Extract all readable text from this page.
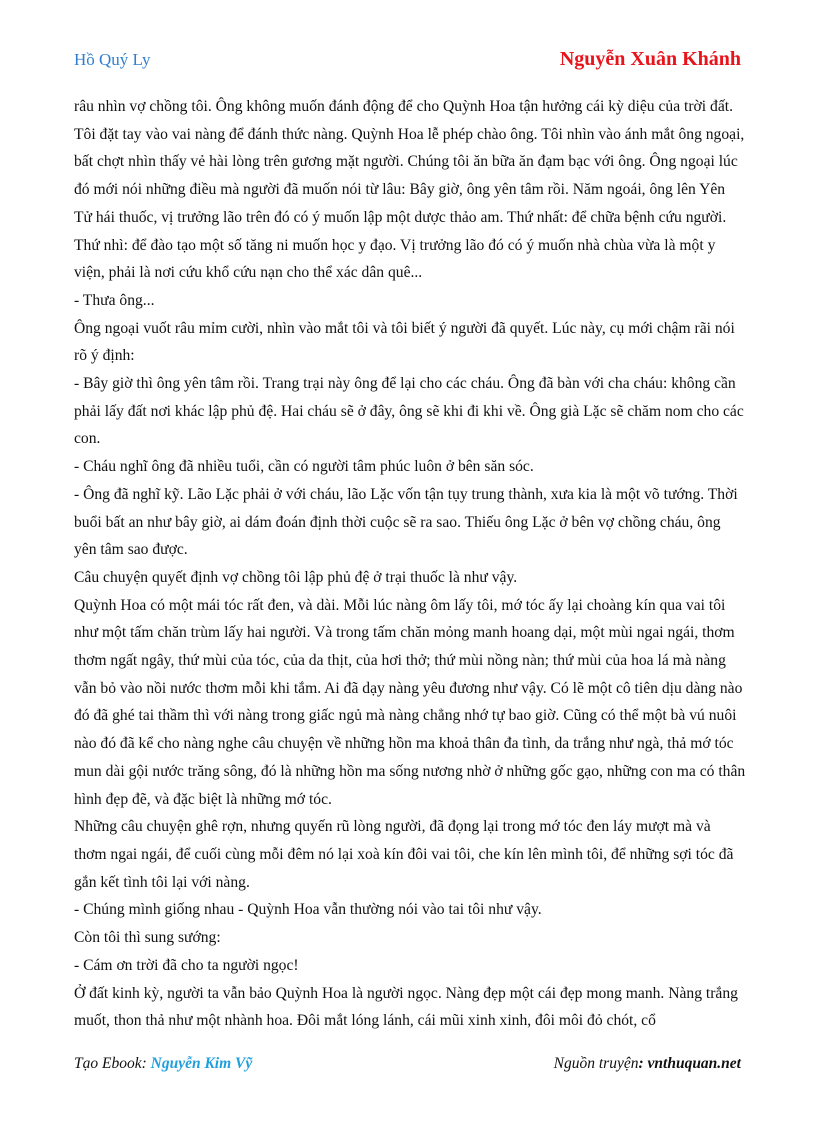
Hồ Quý Ly	Nguyễn Xuân Khánh

râu nhìn vợ chồng tôi. Ông không muốn đánh động để cho Quỳnh Hoa tận hưởng cái kỳ diệu của trời đất. Tôi đặt tay vào vai nàng để đánh thức nàng. Quỳnh Hoa lễ phép chào ông. Tôi nhìn vào ánh mắt ông ngoại, bất chợt nhìn thấy vẻ hài lòng trên gương mặt người. Chúng tôi ăn bữa ăn đạm bạc với ông. Ông ngoại lúc đó mới nói những điều mà người đã muốn nói từ lâu: Bây giờ, ông yên tâm rồi. Năm ngoái, ông lên Yên Tử hái thuốc, vị trưởng lão trên đó có ý muốn lập một dược thảo am. Thứ nhất: để chữa bệnh cứu người. Thứ nhì: để đào tạo một số tăng ni muốn học y đạo. Vị trưởng lão đó có ý muốn nhà chùa vừa là một y viện, phải là nơi cứu khổ cứu nạn cho thể xác dân quê...

- Thưa ông...

Ông ngoại vuốt râu mỉm cười, nhìn vào mắt tôi và tôi biết ý người đã quyết. Lúc này, cụ mới chậm rãi nói rõ ý định:

- Bây giờ thì ông yên tâm rồi. Trang trại này ông để lại cho các cháu. Ông đã bàn với cha cháu: không cần phải lấy đất nơi khác lập phủ đệ. Hai cháu sẽ ở đây, ông sẽ khi đi khi về. Ông già Lặc sẽ chăm nom cho các con.

- Cháu nghĩ ông đã nhiều tuổi, cần có người tâm phúc luôn ở bên săn sóc.

- Ông đã nghĩ kỹ. Lão Lặc phải ở với cháu, lão Lặc vốn tận tụy trung thành, xưa kia là một võ tướng. Thời buổi bất an như bây giờ, ai dám đoán định thời cuộc sẽ ra sao. Thiếu ông Lặc ở bên vợ chồng cháu, ông yên tâm sao được.

Câu chuyện quyết định vợ chồng tôi lập phủ đệ ở trại thuốc là như vậy.

Quỳnh Hoa có một mái tóc rất đen, và dài. Mỗi lúc nàng ôm lấy tôi, mớ tóc ấy lại choàng kín qua vai tôi như một tấm chăn trùm lấy hai người. Và trong tấm chăn mỏng manh hoang dại, một mùi ngai ngái, thơm thơm ngất ngây, thứ mùi của tóc, của da thịt, của hơi thở; thứ mùi nồng nàn; thứ mùi của hoa lá mà nàng vẫn bỏ vào nồi nước thơm mỗi khi tắm. Ai đã dạy nàng yêu đương như vậy. Có lẽ một cô tiên dịu dàng nào đó đã ghé tai thầm thì với nàng trong giấc ngủ mà nàng chẳng nhớ tự bao giờ. Cũng có thể một bà vú nuôi nào đó đã kể cho nàng nghe câu chuyện về những hồn ma khoả thân đa tình, da trắng như ngà, thả mớ tóc mun dài gội nước trăng sông, đó là những hồn ma sống nương nhờ ở những gốc gạo, những con ma có thân hình đẹp đẽ, và đặc biệt là những mớ tóc.

Những câu chuyện ghê rợn, nhưng quyến rũ lòng người, đã đọng lại trong mớ tóc đen láy mượt mà và thơm ngai ngái, để cuối cùng mỗi đêm nó lại xoà kín đôi vai tôi, che kín lên mình tôi, để những sợi tóc đã gắn kết tình tôi lại với nàng.

- Chúng mình giống nhau - Quỳnh Hoa vẫn thường nói vào tai tôi như vậy.

Còn tôi thì sung sướng:

- Cám ơn trời đã cho ta người ngọc!

Ở đất kinh kỳ, người ta vẫn bảo Quỳnh Hoa là người ngọc. Nàng đẹp một cái đẹp mong manh. Nàng trắng muốt, thon thả như một nhành hoa. Đôi mắt lóng lánh, cái mũi xinh xinh, đôi môi đỏ chót, cổ

Tạo Ebook: Nguyễn Kim Vỹ	Nguồn truyện: vnthuquan.net
